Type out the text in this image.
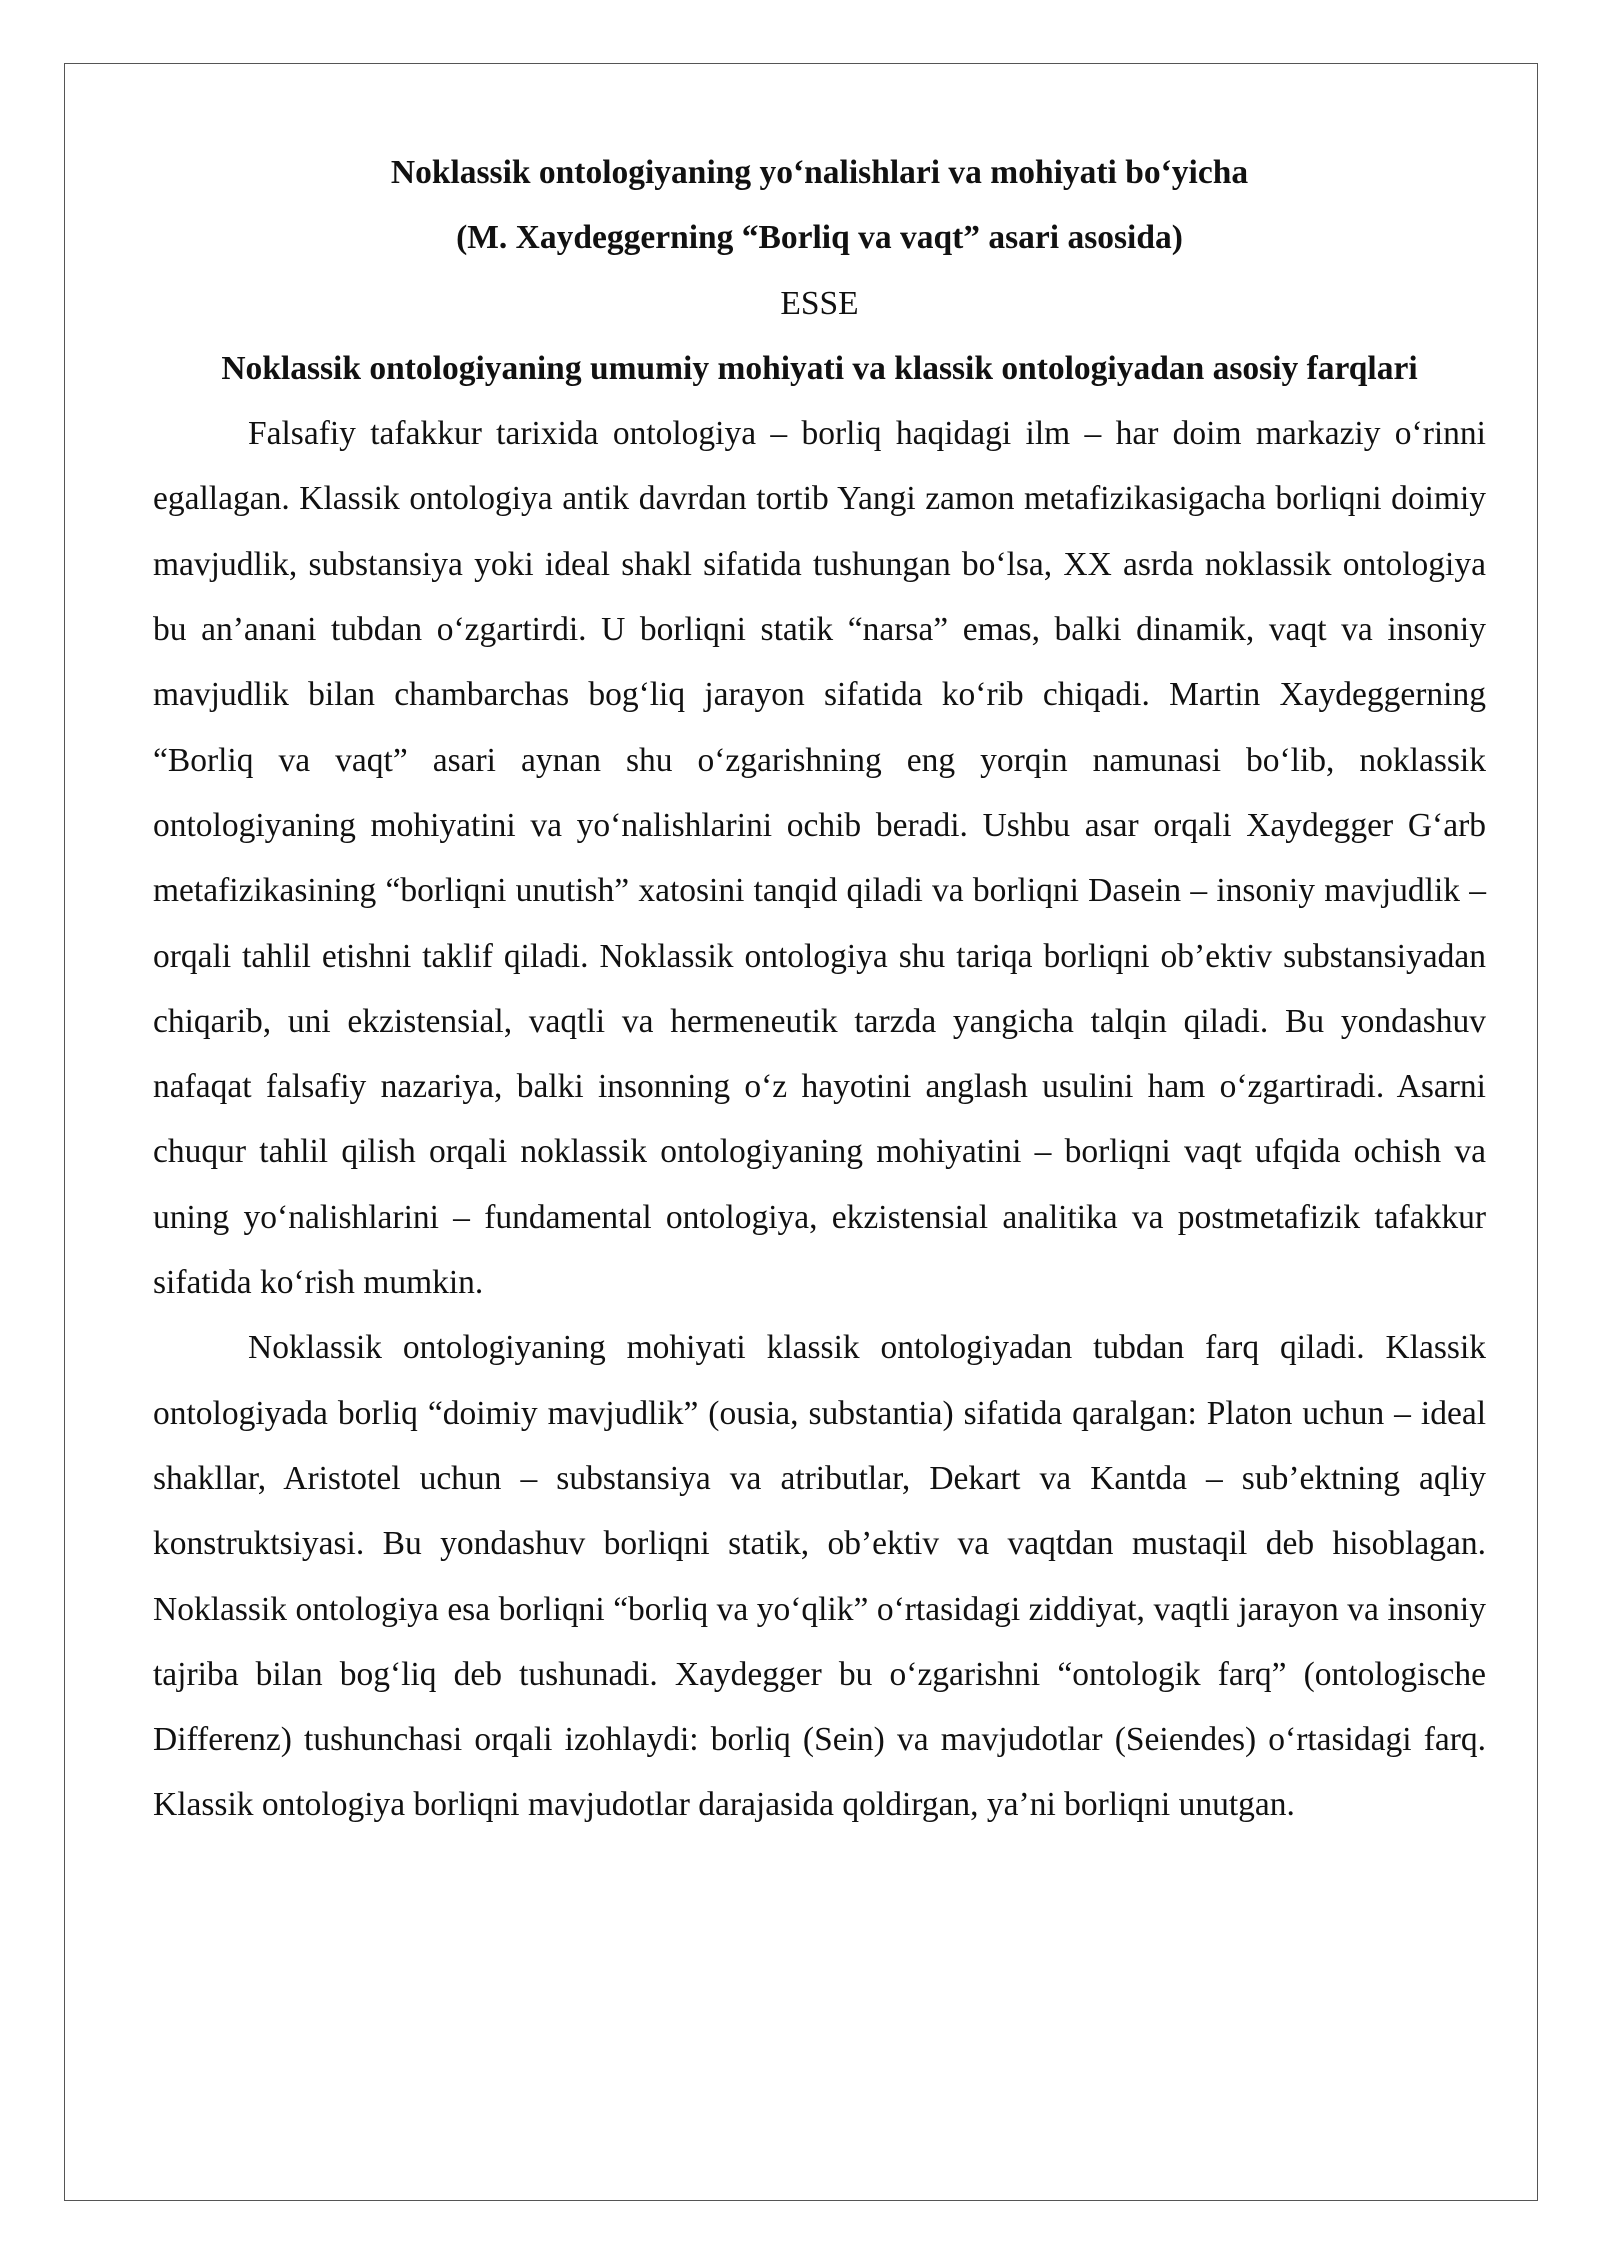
Noklassik ontologiyaning yo‘nalishlari va mohiyati bo‘yicha

(M. Xaydeggerning “Borliq va vaqt” asari asosida)

ESSE

Noklassik ontologiyaning umumiy mohiyati va klassik ontologiyadan asosiy farqlari

Falsafiy tafakkur tarixida ontologiya – borliq haqidagi ilm – har doim markaziy o‘rinni egallagan. Klassik ontologiya antik davrdan tortib Yangi zamon metafizikasigacha borliqni doimiy mavjudlik, substansiya yoki ideal shakl sifatida tushungan bo‘lsa, XX asrda noklassik ontologiya bu an’anani tubdan o‘zgartirdi. U borliqni statik “narsa” emas, balki dinamik, vaqt va insoniy mavjudlik bilan chambarchas bog‘liq jarayon sifatida ko‘rib chiqadi. Martin Xaydeggerning “Borliq va vaqt” asari aynan shu o‘zgarishning eng yorqin namunasi bo‘lib, noklassik ontologiyaning mohiyatini va yo‘nalishlarini ochib beradi. Ushbu asar orqali Xaydegger G‘arb metafizikasining “borliqni unutish” xatosini tanqid qiladi va borliqni Dasein – insoniy mavjudlik – orqali tahlil etishni taklif qiladi. Noklassik ontologiya shu tariqa borliqni ob’ektiv substansiyadan chiqarib, uni ekzistensial, vaqtli va hermeneutik tarzda yangicha talqin qiladi. Bu yondashuv nafaqat falsafiy nazariya, balki insonning o‘z hayotini anglash usulini ham o‘zgartiradi. Asarni chuqur tahlil qilish orqali noklassik ontologiyaning mohiyatini – borliqni vaqt ufqida ochish va uning yo‘nalishlarini – fundamental ontologiya, ekzistensial analitika va postmetafizik tafakkur sifatida ko‘rish mumkin.

Noklassik ontologiyaning mohiyati klassik ontologiyadan tubdan farq qiladi. Klassik ontologiyada borliq “doimiy mavjudlik” (ousia, substantia) sifatida qaralgan: Platon uchun – ideal shakllar, Aristotel uchun – substansiya va atributlar, Dekart va Kantda – sub’ektning aqliy konstruktsiyasi. Bu yondashuv borliqni statik, ob’ektiv va vaqtdan mustaqil deb hisoblagan. Noklassik ontologiya esa borliqni “borliq va yo‘qlik” o‘rtasidagi ziddiyat, vaqtli jarayon va insoniy tajriba bilan bog‘liq deb tushunadi. Xaydegger bu o‘zgarishni “ontologik farq” (ontologische Differenz) tushunchasi orqali izohlaydi: borliq (Sein) va mavjudotlar (Seiendes) o‘rtasidagi farq. Klassik ontologiya borliqni mavjudotlar darajasida qoldirgan, ya’ni borliqni unutgan.
